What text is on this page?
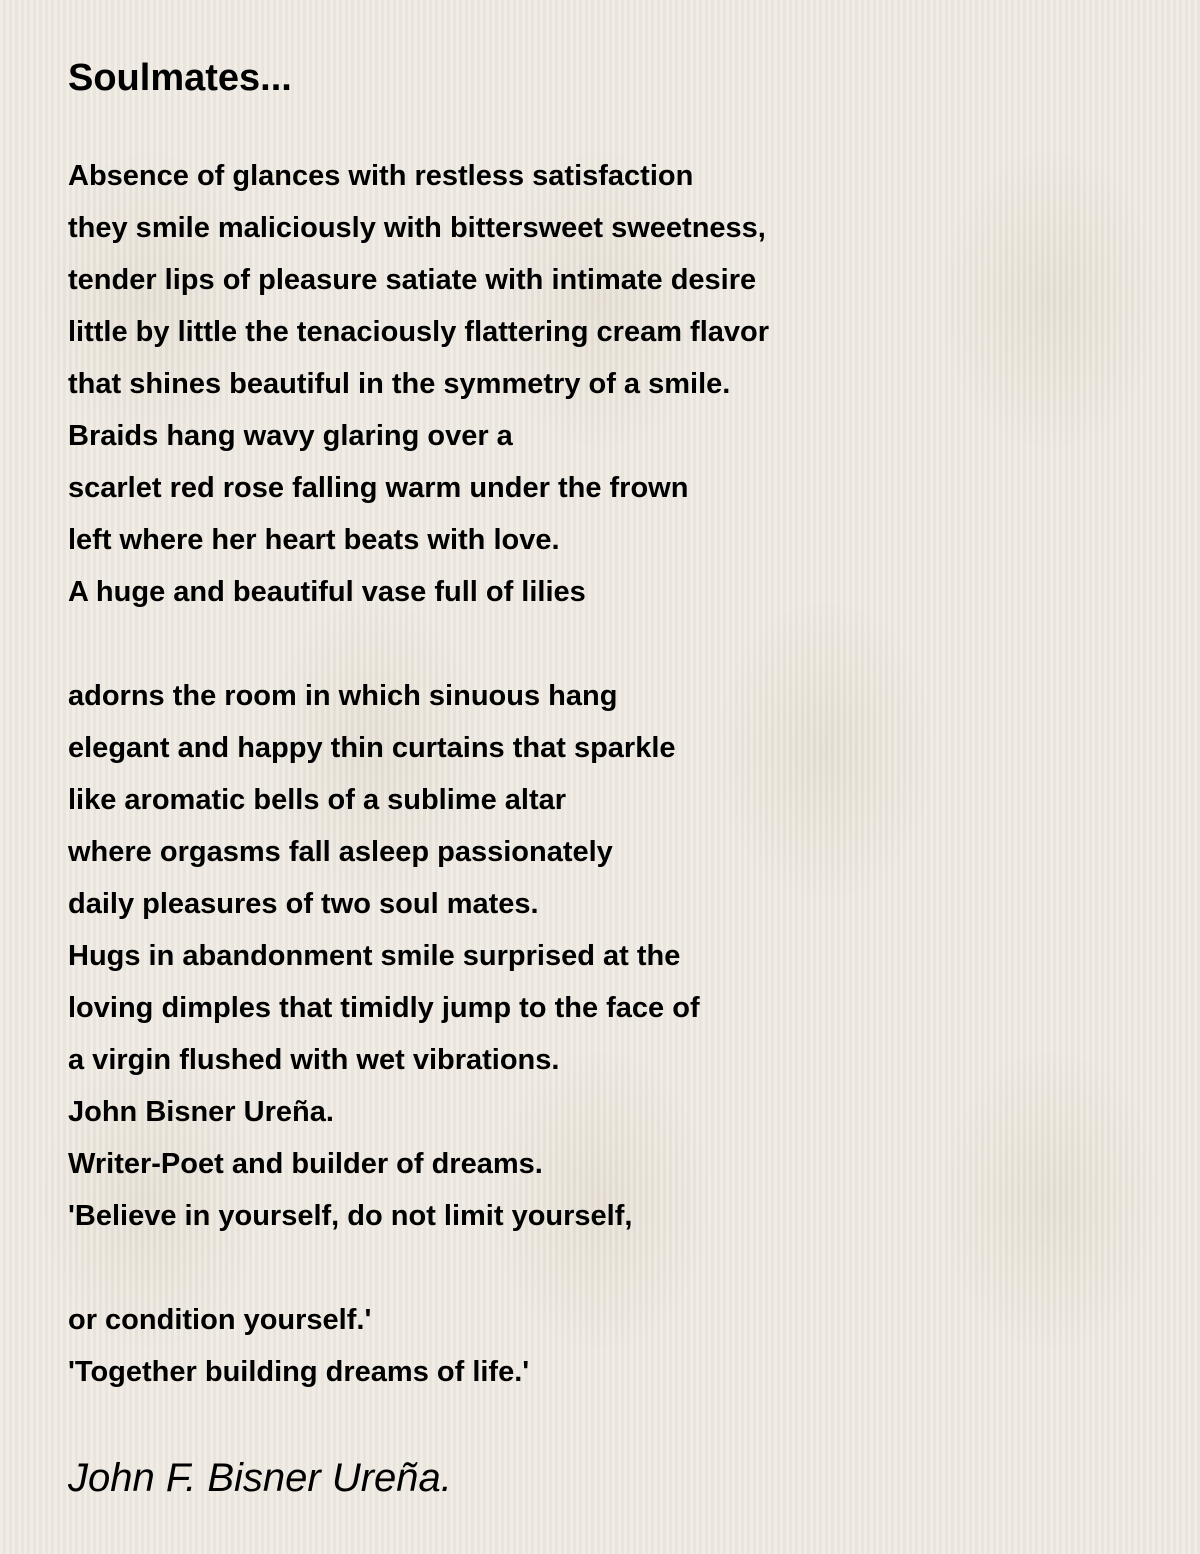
Soulmates...
Absence of glances with restless satisfaction
they smile maliciously with bittersweet sweetness,
tender lips of pleasure satiate with intimate desire
little by little the tenaciously flattering cream flavor
that shines beautiful in the symmetry of a smile.
Braids hang wavy glaring over a
scarlet red rose falling warm under the frown
left where her heart beats with love.
A huge and beautiful vase full of lilies
adorns the room in which sinuous hang
elegant and happy thin curtains that sparkle
like aromatic bells of a sublime altar
where orgasms fall asleep passionately
daily pleasures of two soul mates.
Hugs in abandonment smile surprised at the
loving dimples that timidly jump to the face of
a virgin flushed with wet vibrations.
John Bisner Ureña.
Writer-Poet and builder of dreams.
'Believe in yourself, do not limit yourself,
or condition yourself.'
'Together building dreams of life.'
John F. Bisner Ureña.
